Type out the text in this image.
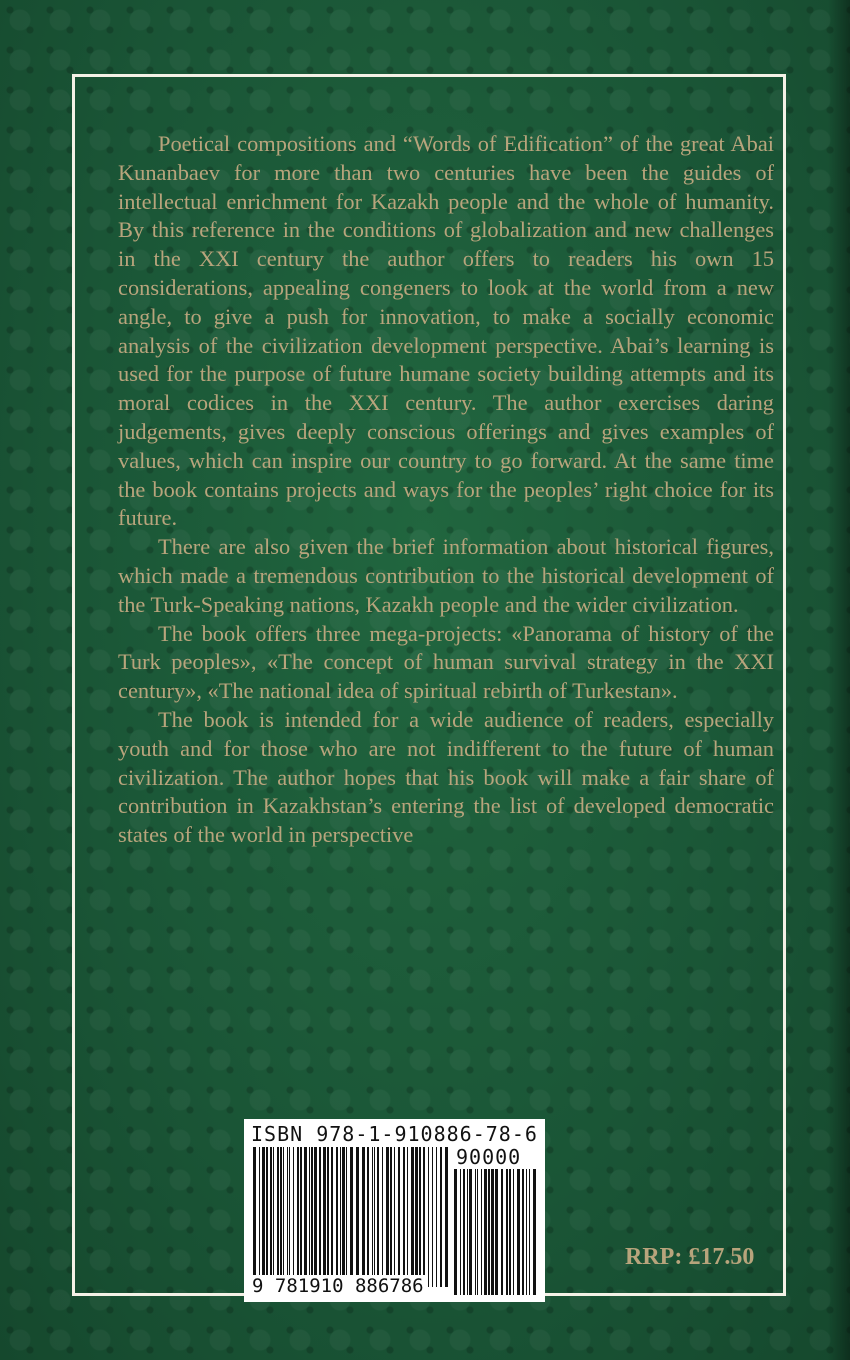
Poetical compositions and “Words of Edification” of the great Abai Kunanbaev for more than two centuries have been the guides of intellectual enrichment for Kazakh people and the whole of humanity. By this reference in the conditions of globalization and new challenges in the XXI century the author offers to readers his own 15 considerations, appealing congeners to look at the world from a new angle, to give a push for innovation, to make a socially economic analysis of the civilization development perspective. Abai’s learning is used for the purpose of future humane society building attempts and its moral codices in the XXI century. The author exercises daring judgements, gives deeply conscious offerings and gives examples of values, which can inspire our country to go forward. At the same time the book contains projects and ways for the peoples’ right choice for its future.

There are also given the brief information about historical figures, which made a tremendous contribution to the historical development of the Turk-Speaking nations, Kazakh people and the wider civilization.

The book offers three mega-projects: «Panorama of history of the Turk peoples», «The concept of human survival strategy in the XXI century», «The national idea of spiritual rebirth of Turkestan».

The book is intended for a wide audience of readers, especially youth and for those who are not indifferent to the future of human civilization. The author hopes that his book will make a fair share of contribution in Kazakhstan’s entering the list of developed democratic states of the world in perspective

ISBN 978-1-910886-78-6
90000
9 781910 886786
RRP: £17.50
